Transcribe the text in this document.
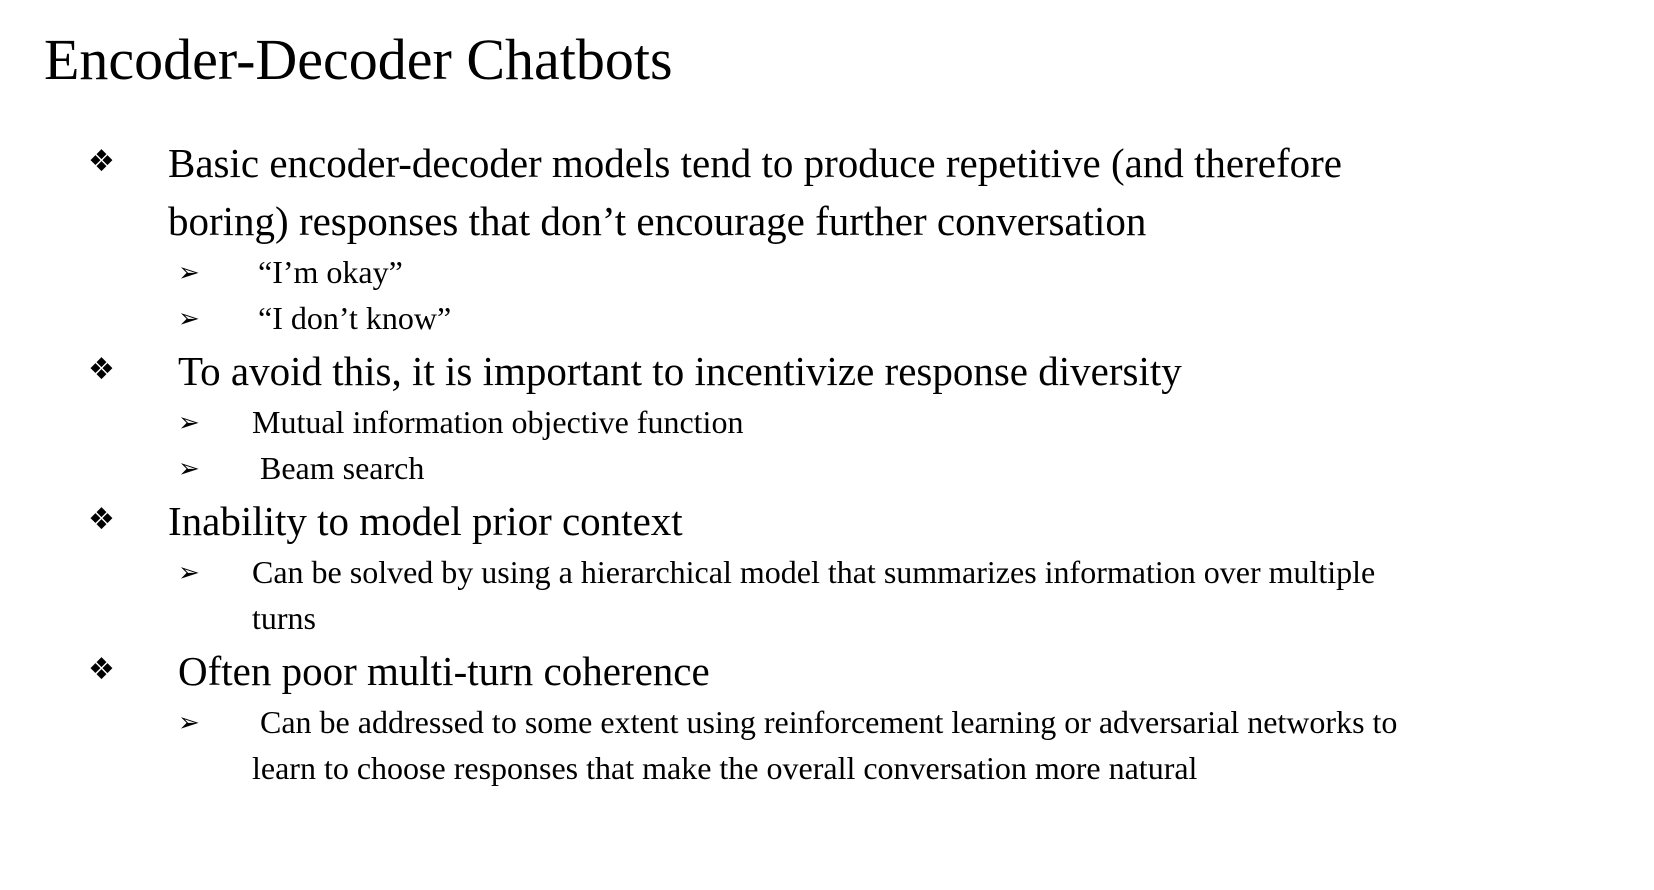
Encoder-Decoder Chatbots
❖ Basic encoder-decoder models tend to produce repetitive (and therefore
boring) responses that don’t encourage further conversation
➢ “I’m okay”
➢ “I don’t know”
❖ To avoid this, it is important to incentivize response diversity
➢ Mutual information objective function
➢ Beam search
❖ Inability to model prior context
➢ Can be solved by using a hierarchical model that summarizes information over multiple
turns
❖ Often poor multi-turn coherence
➢ Can be addressed to some extent using reinforcement learning or adversarial networks to
learn to choose responses that make the overall conversation more natural
